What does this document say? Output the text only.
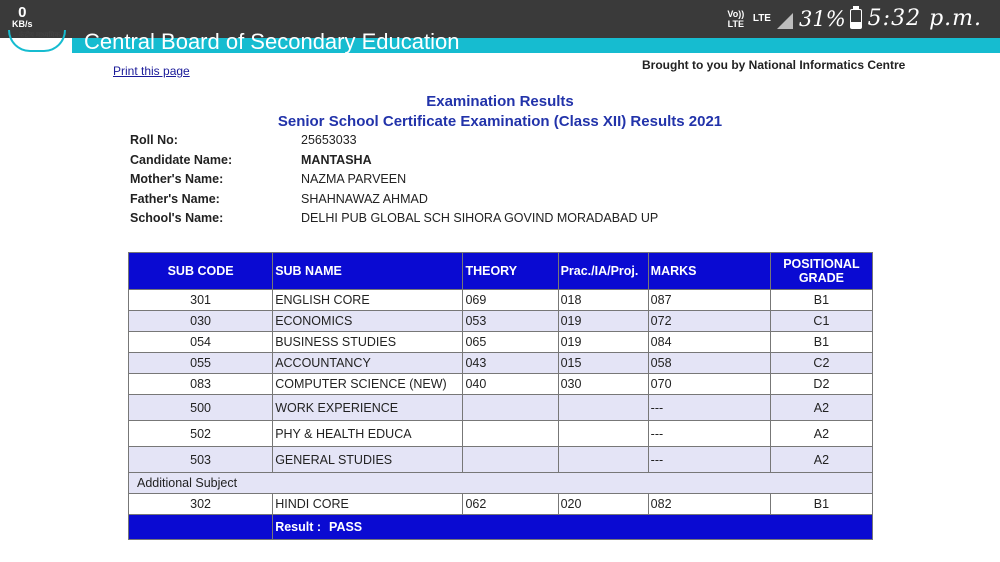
0
KB/s
Vo)) LTE LTE 31% 5:32 p.m.
केंद्रीय माध्यमिक Central Board of Secondary Education
Print this page	Brought to you by National Informatics Centre
Examination Results
Senior School Certificate Examination (Class XII) Results 2021
Roll No:	25653033
Candidate Name:	MANTASHA
Mother's Name:	NAZMA PARVEEN
Father's Name:	SHAHNAWAZ AHMAD
School's Name:	DELHI PUB GLOBAL SCH SIHORA GOVIND MORADABAD UP
SUB CODE	SUB NAME	THEORY	Prac./IA/Proj.	MARKS	POSITIONAL GRADE
301	ENGLISH CORE	069	018	087	B1
030	ECONOMICS	053	019	072	C1
054	BUSINESS STUDIES	065	019	084	B1
055	ACCOUNTANCY	043	015	058	C2
083	COMPUTER SCIENCE (NEW)	040	030	070	D2
500	WORK EXPERIENCE			---	A2
502	PHY & HEALTH EDUCA			---	A2
503	GENERAL STUDIES			---	A2
Additional Subject					
302	HINDI CORE	062	020	082	B1
	Result : PASS				
